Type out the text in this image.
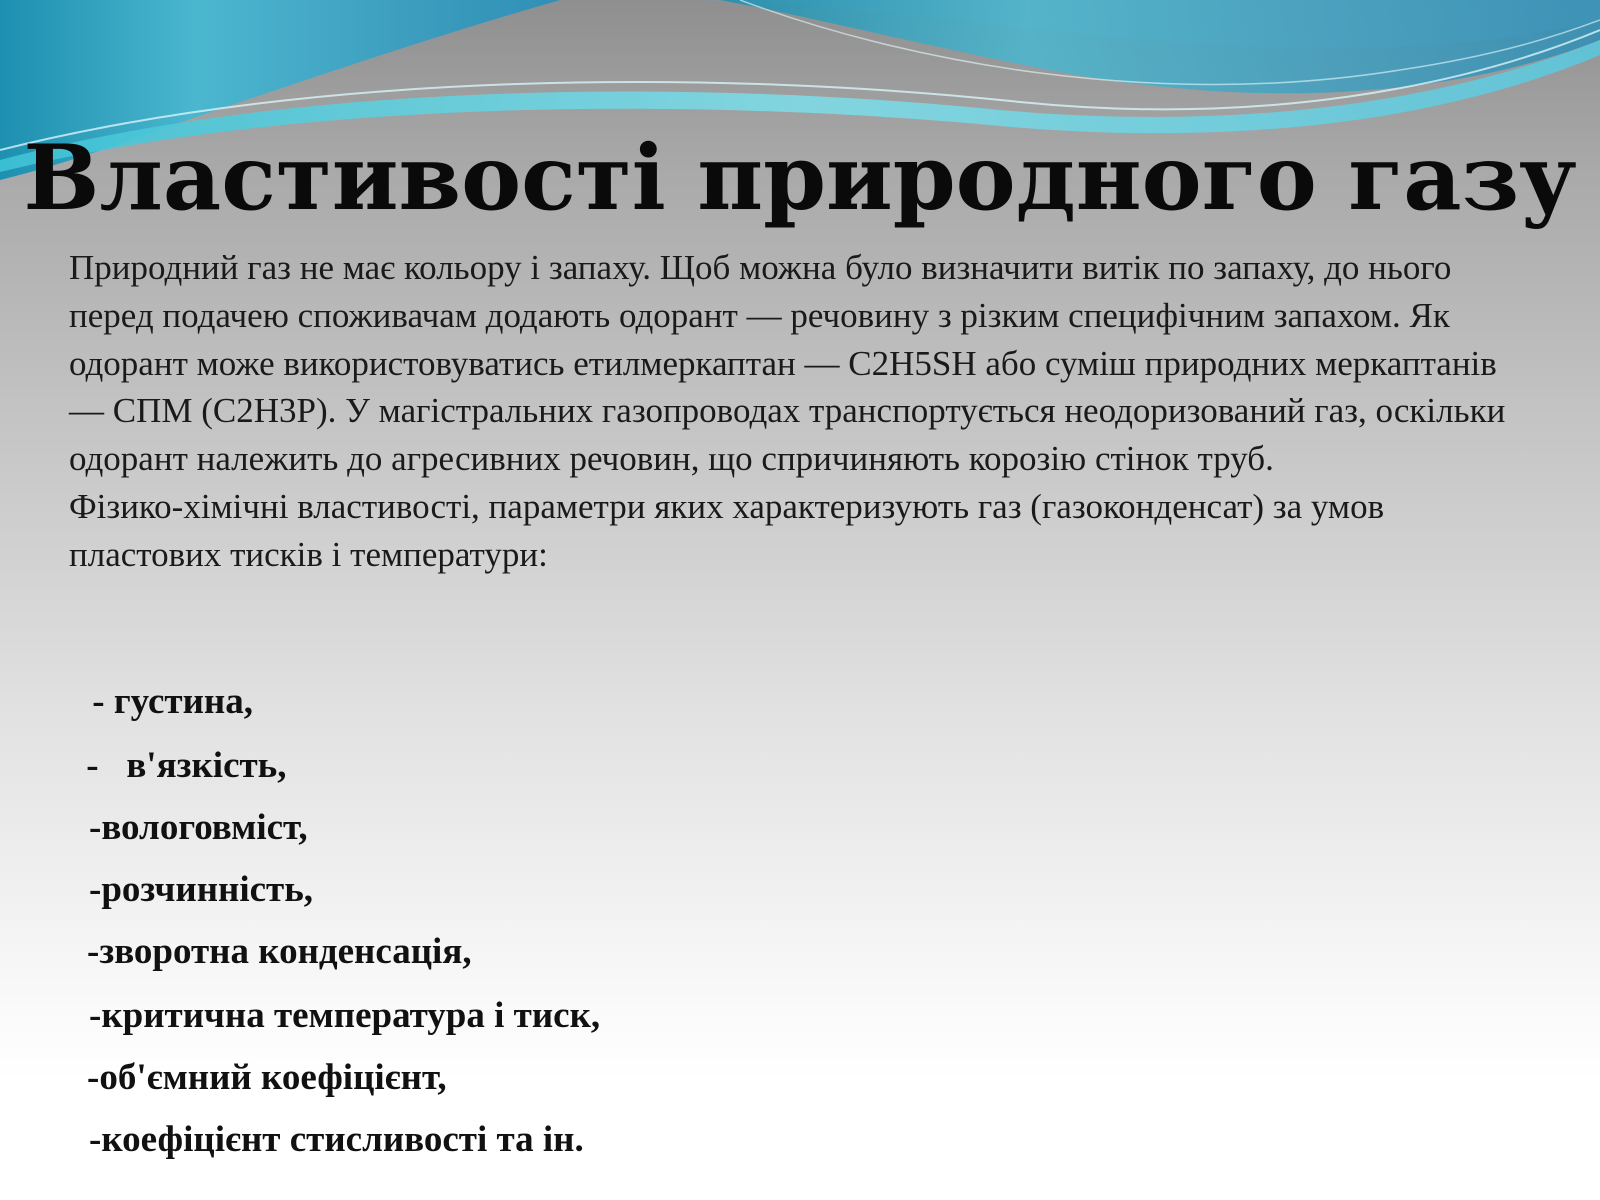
Властивості природного газу

Природний газ не має кольору і запаху. Щоб можна було визначити витік по запаху, до нього перед подачею споживачам додають одорант — речовину з різким специфічним запахом. Як одорант може використовуватись етилмеркаптан — C2H5SH або суміш природних меркаптанів — СПМ (C2H3P). У магістральних газопроводах транспортується неодоризований газ, оскільки одорант належить до агресивних речовин, що спричиняють корозію стінок труб.

Фізико-хімічні властивості, параметри яких характеризують газ (газоконденсат) за умов пластових тисків і температури:

- густина,
-   в'язкість,
-вологовміст,
-розчинність,
-зворотна конденсація,
-критична температура і тиск,
-об'ємний коефіцієнт,
-коефіцієнт стисливості та ін.
